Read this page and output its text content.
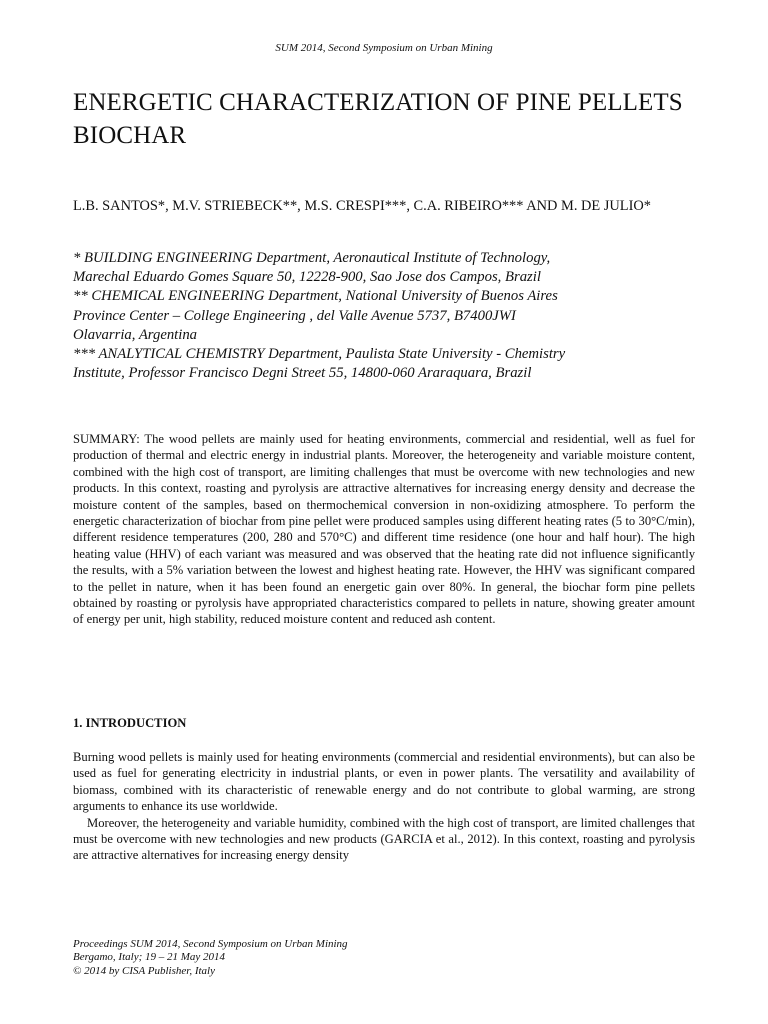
SUM 2014, Second Symposium on Urban Mining
ENERGETIC CHARACTERIZATION OF PINE PELLETS BIOCHAR

L.B. SANTOS*, M.V. STRIEBECK**, M.S. CRESPI***, C.A. RIBEIRO*** AND M. DE JULIO*

* BUILDING ENGINEERING Department, Aeronautical Institute of Technology,
Marechal Eduardo Gomes Square 50, 12228-900, Sao Jose dos Campos, Brazil
** CHEMICAL ENGINEERING Department, National University of Buenos Aires
Province Center – College Engineering , del Valle Avenue 5737, B7400JWI
Olavarria, Argentina
*** ANALYTICAL CHEMISTRY Department, Paulista State University - Chemistry
Institute, Professor Francisco Degni Street 55, 14800-060 Araraquara, Brazil

SUMMARY: The wood pellets are mainly used for heating environments, commercial and residential, well as fuel for production of thermal and electric energy in industrial plants. Moreover, the heterogeneity and variable moisture content, combined with the high cost of transport, are limiting challenges that must be overcome with new technologies and new products. In this context, roasting and pyrolysis are attractive alternatives for increasing energy density and decrease the moisture content of the samples, based on thermochemical conversion in non-oxidizing atmosphere. To perform the energetic characterization of biochar from pine pellet were produced samples using different heating rates (5 to 30°C/min), different residence temperatures (200, 280 and 570°C) and different time residence (one hour and half hour). The high heating value (HHV) of each variant was measured and was observed that the heating rate did not influence significantly the results, with a 5% variation between the lowest and highest heating rate. However, the HHV was significant compared to the pellet in nature, when it has been found an energetic gain over 80%. In general, the biochar form pine pellets obtained by roasting or pyrolysis have appropriated characteristics compared to pellets in nature, showing greater amount of energy per unit, high stability, reduced moisture content and reduced ash content.

1. INTRODUCTION

Burning wood pellets is mainly used for heating environments (commercial and residential environments), but can also be used as fuel for generating electricity in industrial plants, or even in power plants. The versatility and availability of biomass, combined with its characteristic of renewable energy and do not contribute to global warming, are strong arguments to enhance its use worldwide.

Moreover, the heterogeneity and variable humidity, combined with the high cost of transport, are limited challenges that must be overcome with new technologies and new products (GARCIA et al., 2012). In this context, roasting and pyrolysis are attractive alternatives for increasing energy density

Proceedings SUM 2014, Second Symposium on Urban Mining
Bergamo, Italy; 19 – 21 May 2014
© 2014 by CISA Publisher, Italy
